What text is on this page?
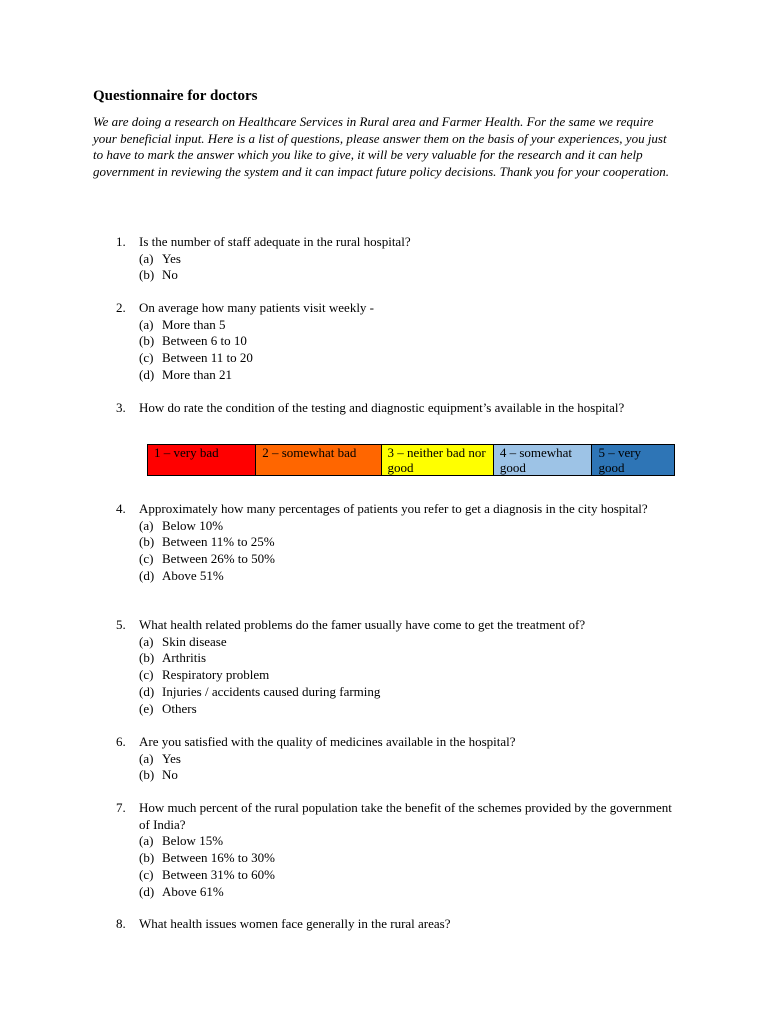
Questionnaire for doctors
We are doing a research on Healthcare Services in Rural area and Farmer Health. For the same we require your beneficial input. Here is a list of questions, please answer them on the basis of your experiences, you just to have to mark the answer which you like to give, it will be very valuable for the research and it can help government in reviewing the system and it can impact future policy decisions. Thank you for your cooperation.
1.	Is the number of staff adequate in the rural hospital?
(a) Yes
(b) No
2.	On average how many patients visit weekly -
(a) More than 5
(b) Between 6 to 10
(c) Between 11 to 20
(d) More than 21
3.	How do rate the condition of the testing and diagnostic equipment’s available in the hospital?
4.	Approximately how many percentages of patients you refer to get a diagnosis in the city hospital?
(a) Below 10%
(b) Between 11% to 25%
(c) Between 26% to 50%
(d) Above 51%
5.	What health related problems do the famer usually have come to get the treatment of?
(a) Skin disease
(b) Arthritis
(c) Respiratory problem
(d) Injuries / accidents caused during farming
(e) Others
6.	Are you satisfied with the quality of medicines available in the hospital?
(a) Yes
(b) No
7.	How much percent of the rural population take the benefit of the schemes provided by the government of India?
(a) Below 15%
(b) Between 16% to 30%
(c) Between 31% to 60%
(d) Above 61%
8.	What health issues women face generally in the rural areas?
1 – very bad	2 – somewhat bad	3 – neither bad nor good	4 – somewhat good	5 – very good
